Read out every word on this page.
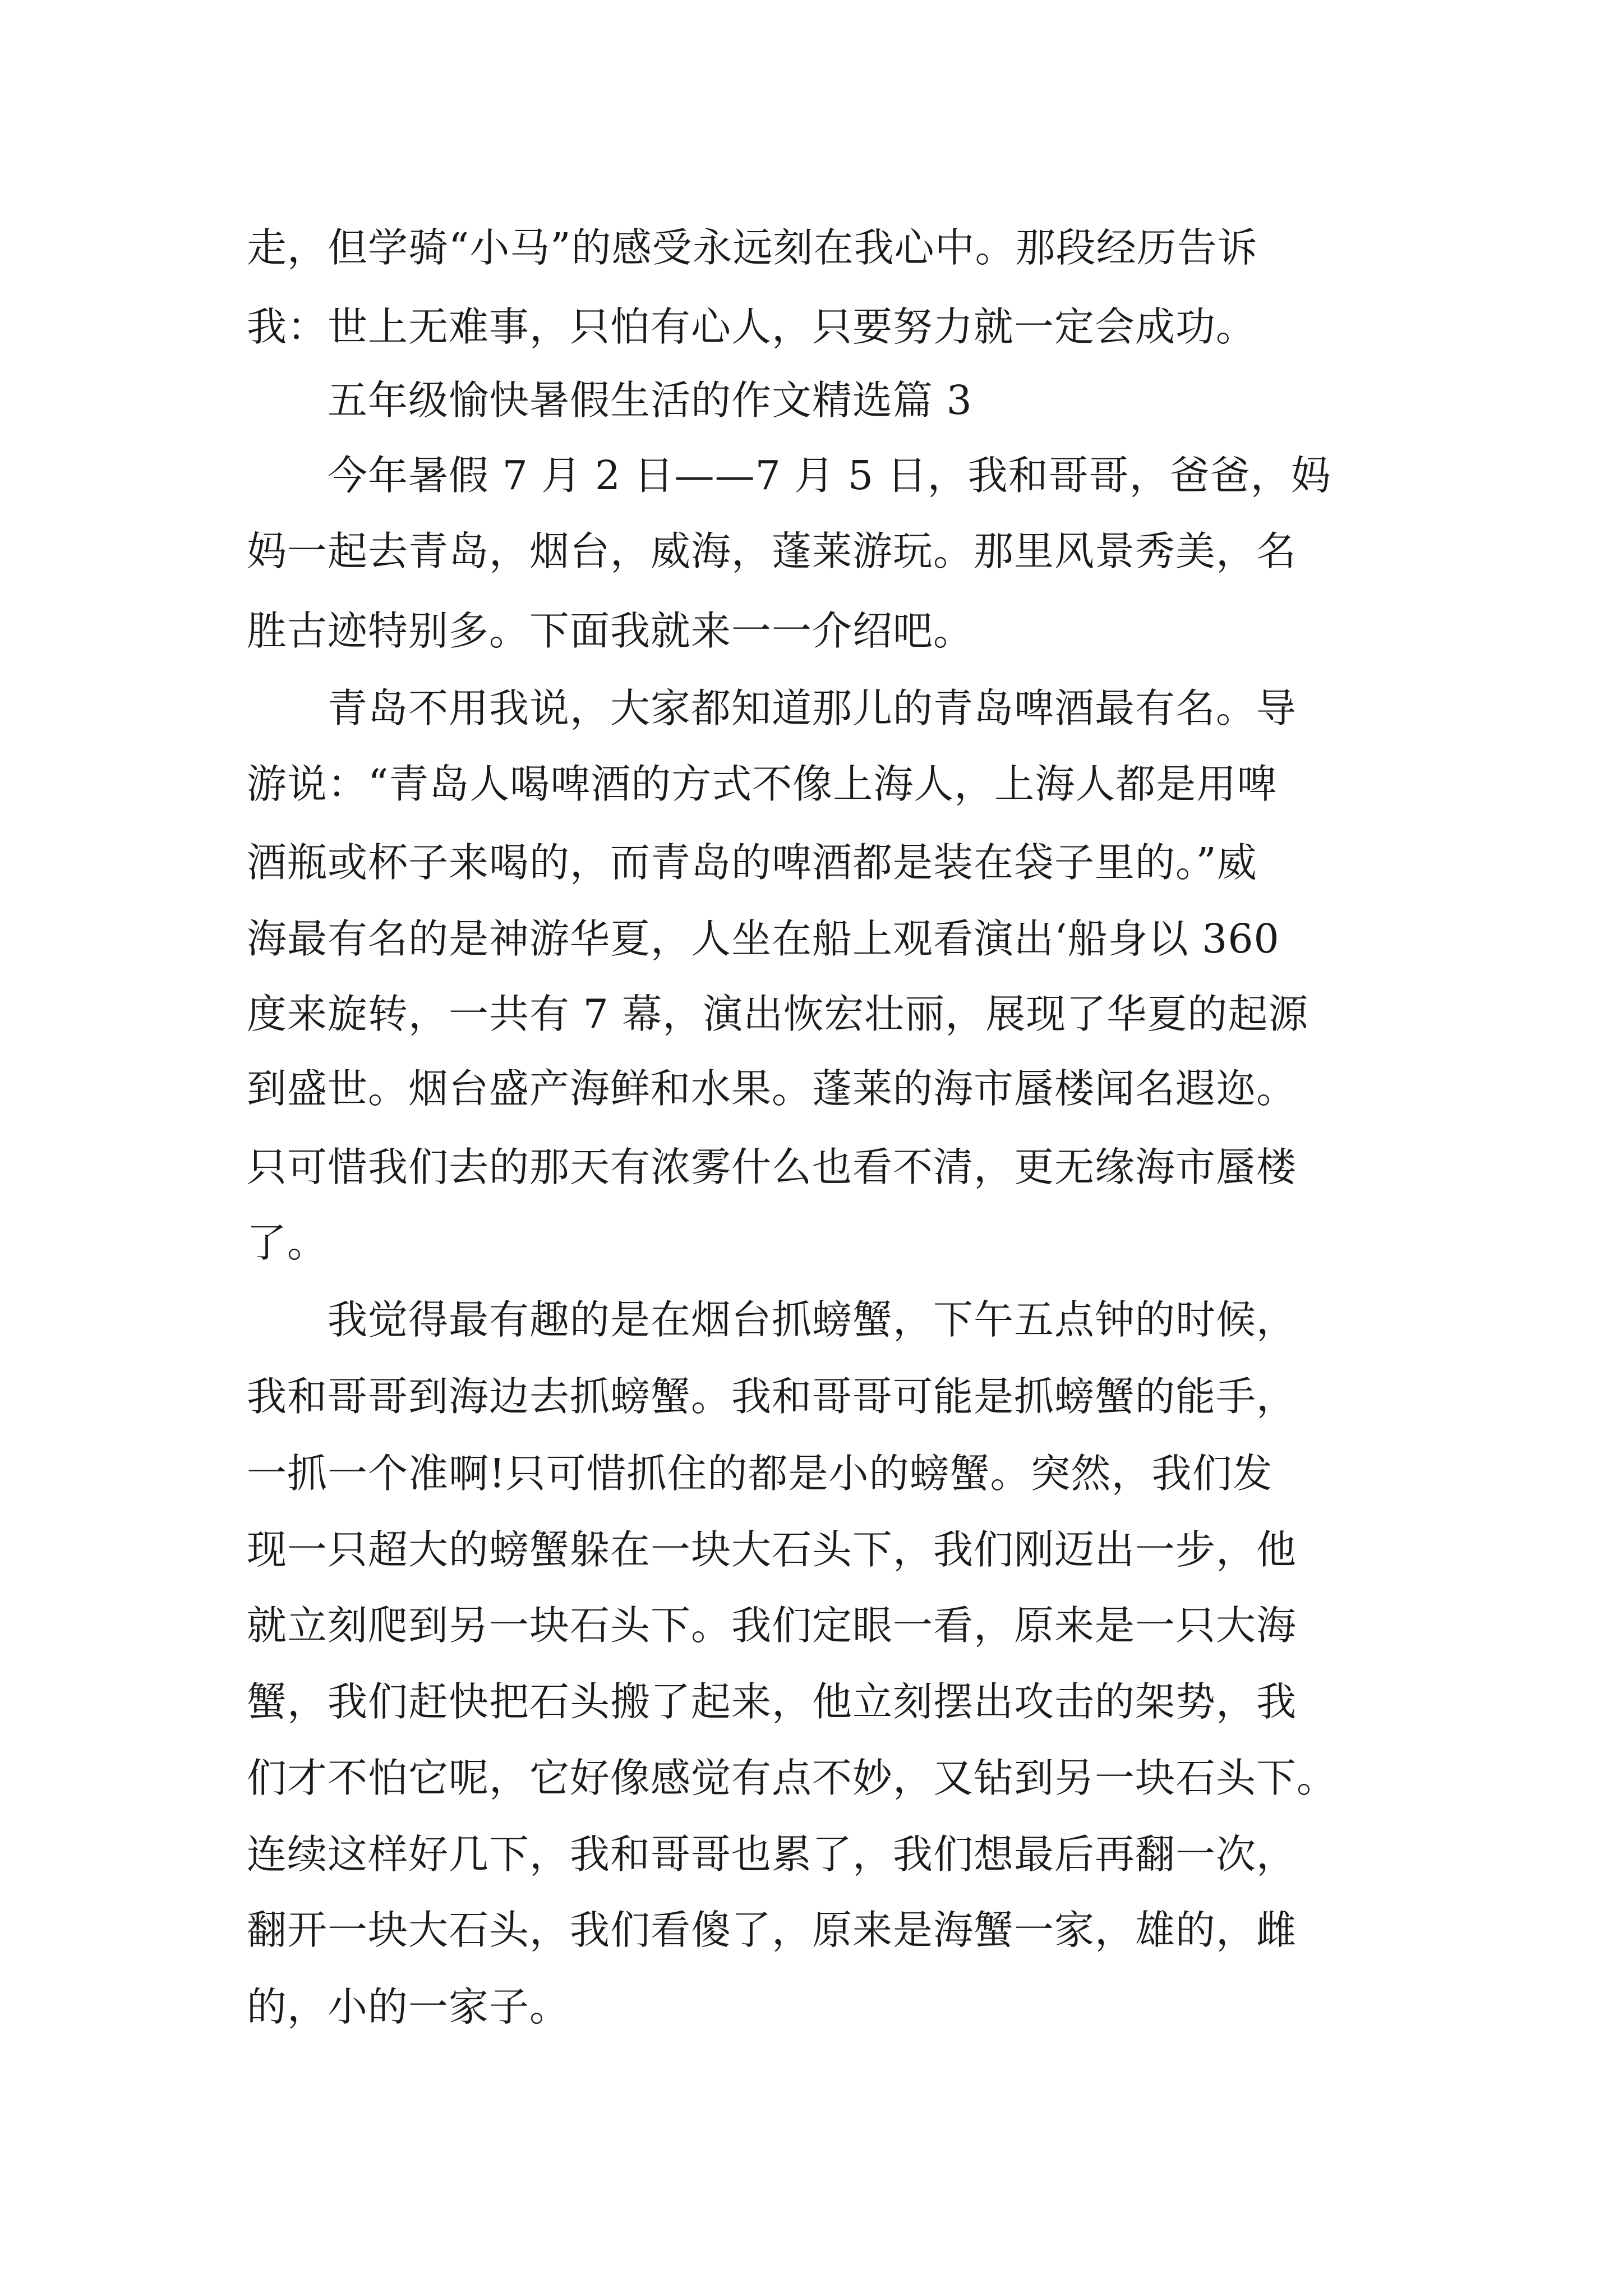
走，但学骑“小马”的感受永远刻在我心中。那段经历告诉

我：世上无难事，只怕有心人，只要努力就一定会成功。

五年级愉快暑假生活的作文精选篇 3

今年暑假 7 月 2 日——7 月 5 日，我和哥哥，爸爸，妈

妈一起去青岛，烟台，威海，蓬莱游玩。那里风景秀美，名

胜古迹特别多。下面我就来一一介绍吧。

青岛不用我说，大家都知道那儿的青岛啤酒最有名。导

游说：“青岛人喝啤酒的方式不像上海人，上海人都是用啤

酒瓶或杯子来喝的，而青岛的啤酒都是装在袋子里的。”威

海最有名的是神游华夏，人坐在船上观看演出‘船身以 360

度来旋转，一共有 7 幕，演出恢宏壮丽，展现了华夏的起源

到盛世。烟台盛产海鲜和水果。蓬莱的海市蜃楼闻名遐迩。

只可惜我们去的那天有浓雾什么也看不清，更无缘海市蜃楼

了。

我觉得最有趣的是在烟台抓螃蟹，下午五点钟的时候，

我和哥哥到海边去抓螃蟹。我和哥哥可能是抓螃蟹的能手，

一抓一个准啊!只可惜抓住的都是小的螃蟹。突然，我们发

现一只超大的螃蟹躲在一块大石头下，我们刚迈出一步，他

就立刻爬到另一块石头下。我们定眼一看，原来是一只大海

蟹，我们赶快把石头搬了起来，他立刻摆出攻击的架势，我

们才不怕它呢，它好像感觉有点不妙，又钻到另一块石头下。

连续这样好几下，我和哥哥也累了，我们想最后再翻一次，

翻开一块大石头，我们看傻了，原来是海蟹一家，雄的，雌

的，小的一家子。
